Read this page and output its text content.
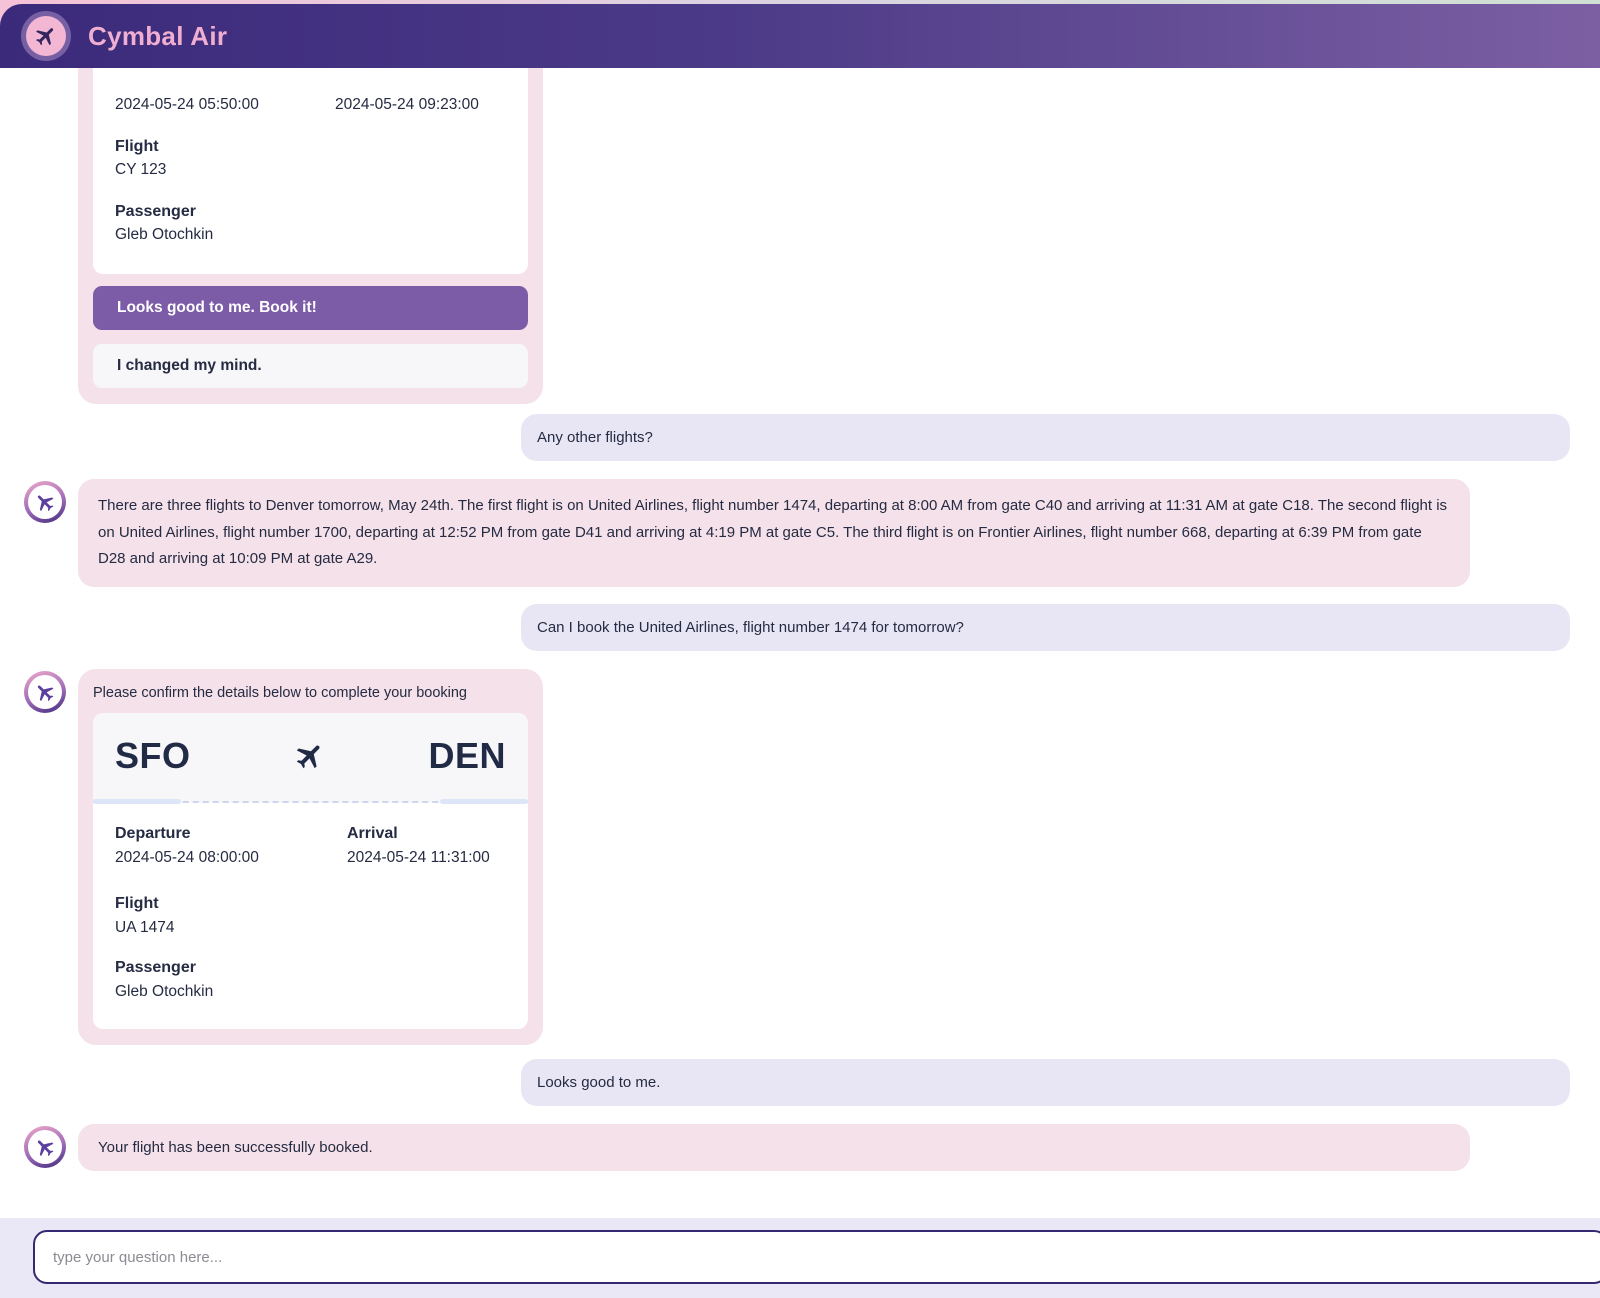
Cymbal Air
2024-05-24 05:50:00	2024-05-24 09:23:00
Flight
CY 123
Passenger
Gleb Otochkin
Looks good to me. Book it!
I changed my mind.
Any other flights?
There are three flights to Denver tomorrow, May 24th. The first flight is on United Airlines, flight number 1474, departing at 8:00 AM from gate C40 and arriving at 11:31 AM at gate C18. The second flight is on United Airlines, flight number 1700, departing at 12:52 PM from gate D41 and arriving at 4:19 PM at gate C5. The third flight is on Frontier Airlines, flight number 668, departing at 6:39 PM from gate D28 and arriving at 10:09 PM at gate A29.
Can I book the United Airlines, flight number 1474 for tomorrow?
Please confirm the details below to complete your booking
SFO	DEN
Departure
2024-05-24 08:00:00
Arrival
2024-05-24 11:31:00
Flight
UA 1474
Passenger
Gleb Otochkin
Looks good to me.
Your flight has been successfully booked.
type your question here...
